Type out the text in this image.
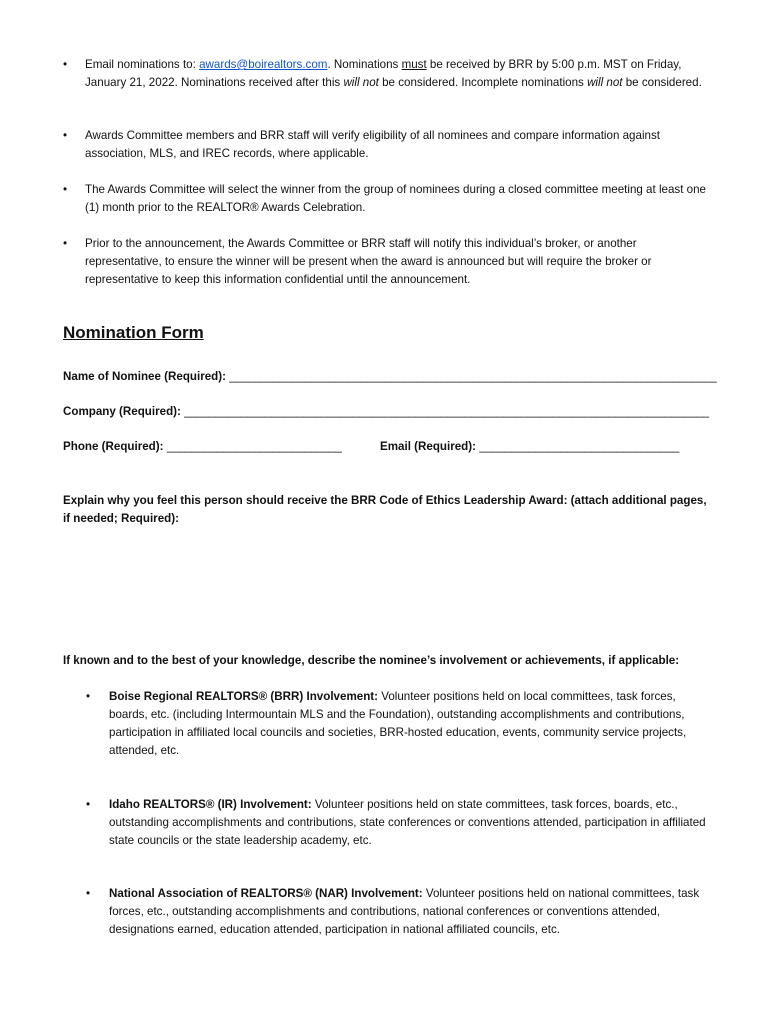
•	Email nominations to: awards@boirealtors.com. Nominations must be received by BRR by 5:00 p.m. MST on Friday, January 21, 2022. Nominations received after this will not be considered. Incomplete nominations will not be considered.
•	Awards Committee members and BRR staff will verify eligibility of all nominees and compare information against association, MLS, and IREC records, where applicable.
•	The Awards Committee will select the winner from the group of nominees during a closed committee meeting at least one (1) month prior to the REALTOR® Awards Celebration.
•	Prior to the announcement, the Awards Committee or BRR staff will notify this individual’s broker, or another representative, to ensure the winner will be present when the award is announced but will require the broker or representative to keep this information confidential until the announcement.
Nomination Form
Name of Nominee (Required): ______________________________________________________________________________
Company (Required): ____________________________________________________________________________________
Phone (Required): ____________________________	Email (Required): ________________________________
Explain why you feel this person should receive the BRR Code of Ethics Leadership Award: (attach additional pages, if needed; Required):
If known and to the best of your knowledge, describe the nominee’s involvement or achievements, if applicable:
•	Boise Regional REALTORS® (BRR) Involvement: Volunteer positions held on local committees, task forces, boards, etc. (including Intermountain MLS and the Foundation), outstanding accomplishments and contributions, participation in affiliated local councils and societies, BRR-hosted education, events, community service projects, attended, etc.
•	Idaho REALTORS® (IR) Involvement: Volunteer positions held on state committees, task forces, boards, etc., outstanding accomplishments and contributions, state conferences or conventions attended, participation in affiliated state councils or the state leadership academy, etc.
•	National Association of REALTORS® (NAR) Involvement: Volunteer positions held on national committees, task forces, etc., outstanding accomplishments and contributions, national conferences or conventions attended, designations earned, education attended, participation in national affiliated councils, etc.
